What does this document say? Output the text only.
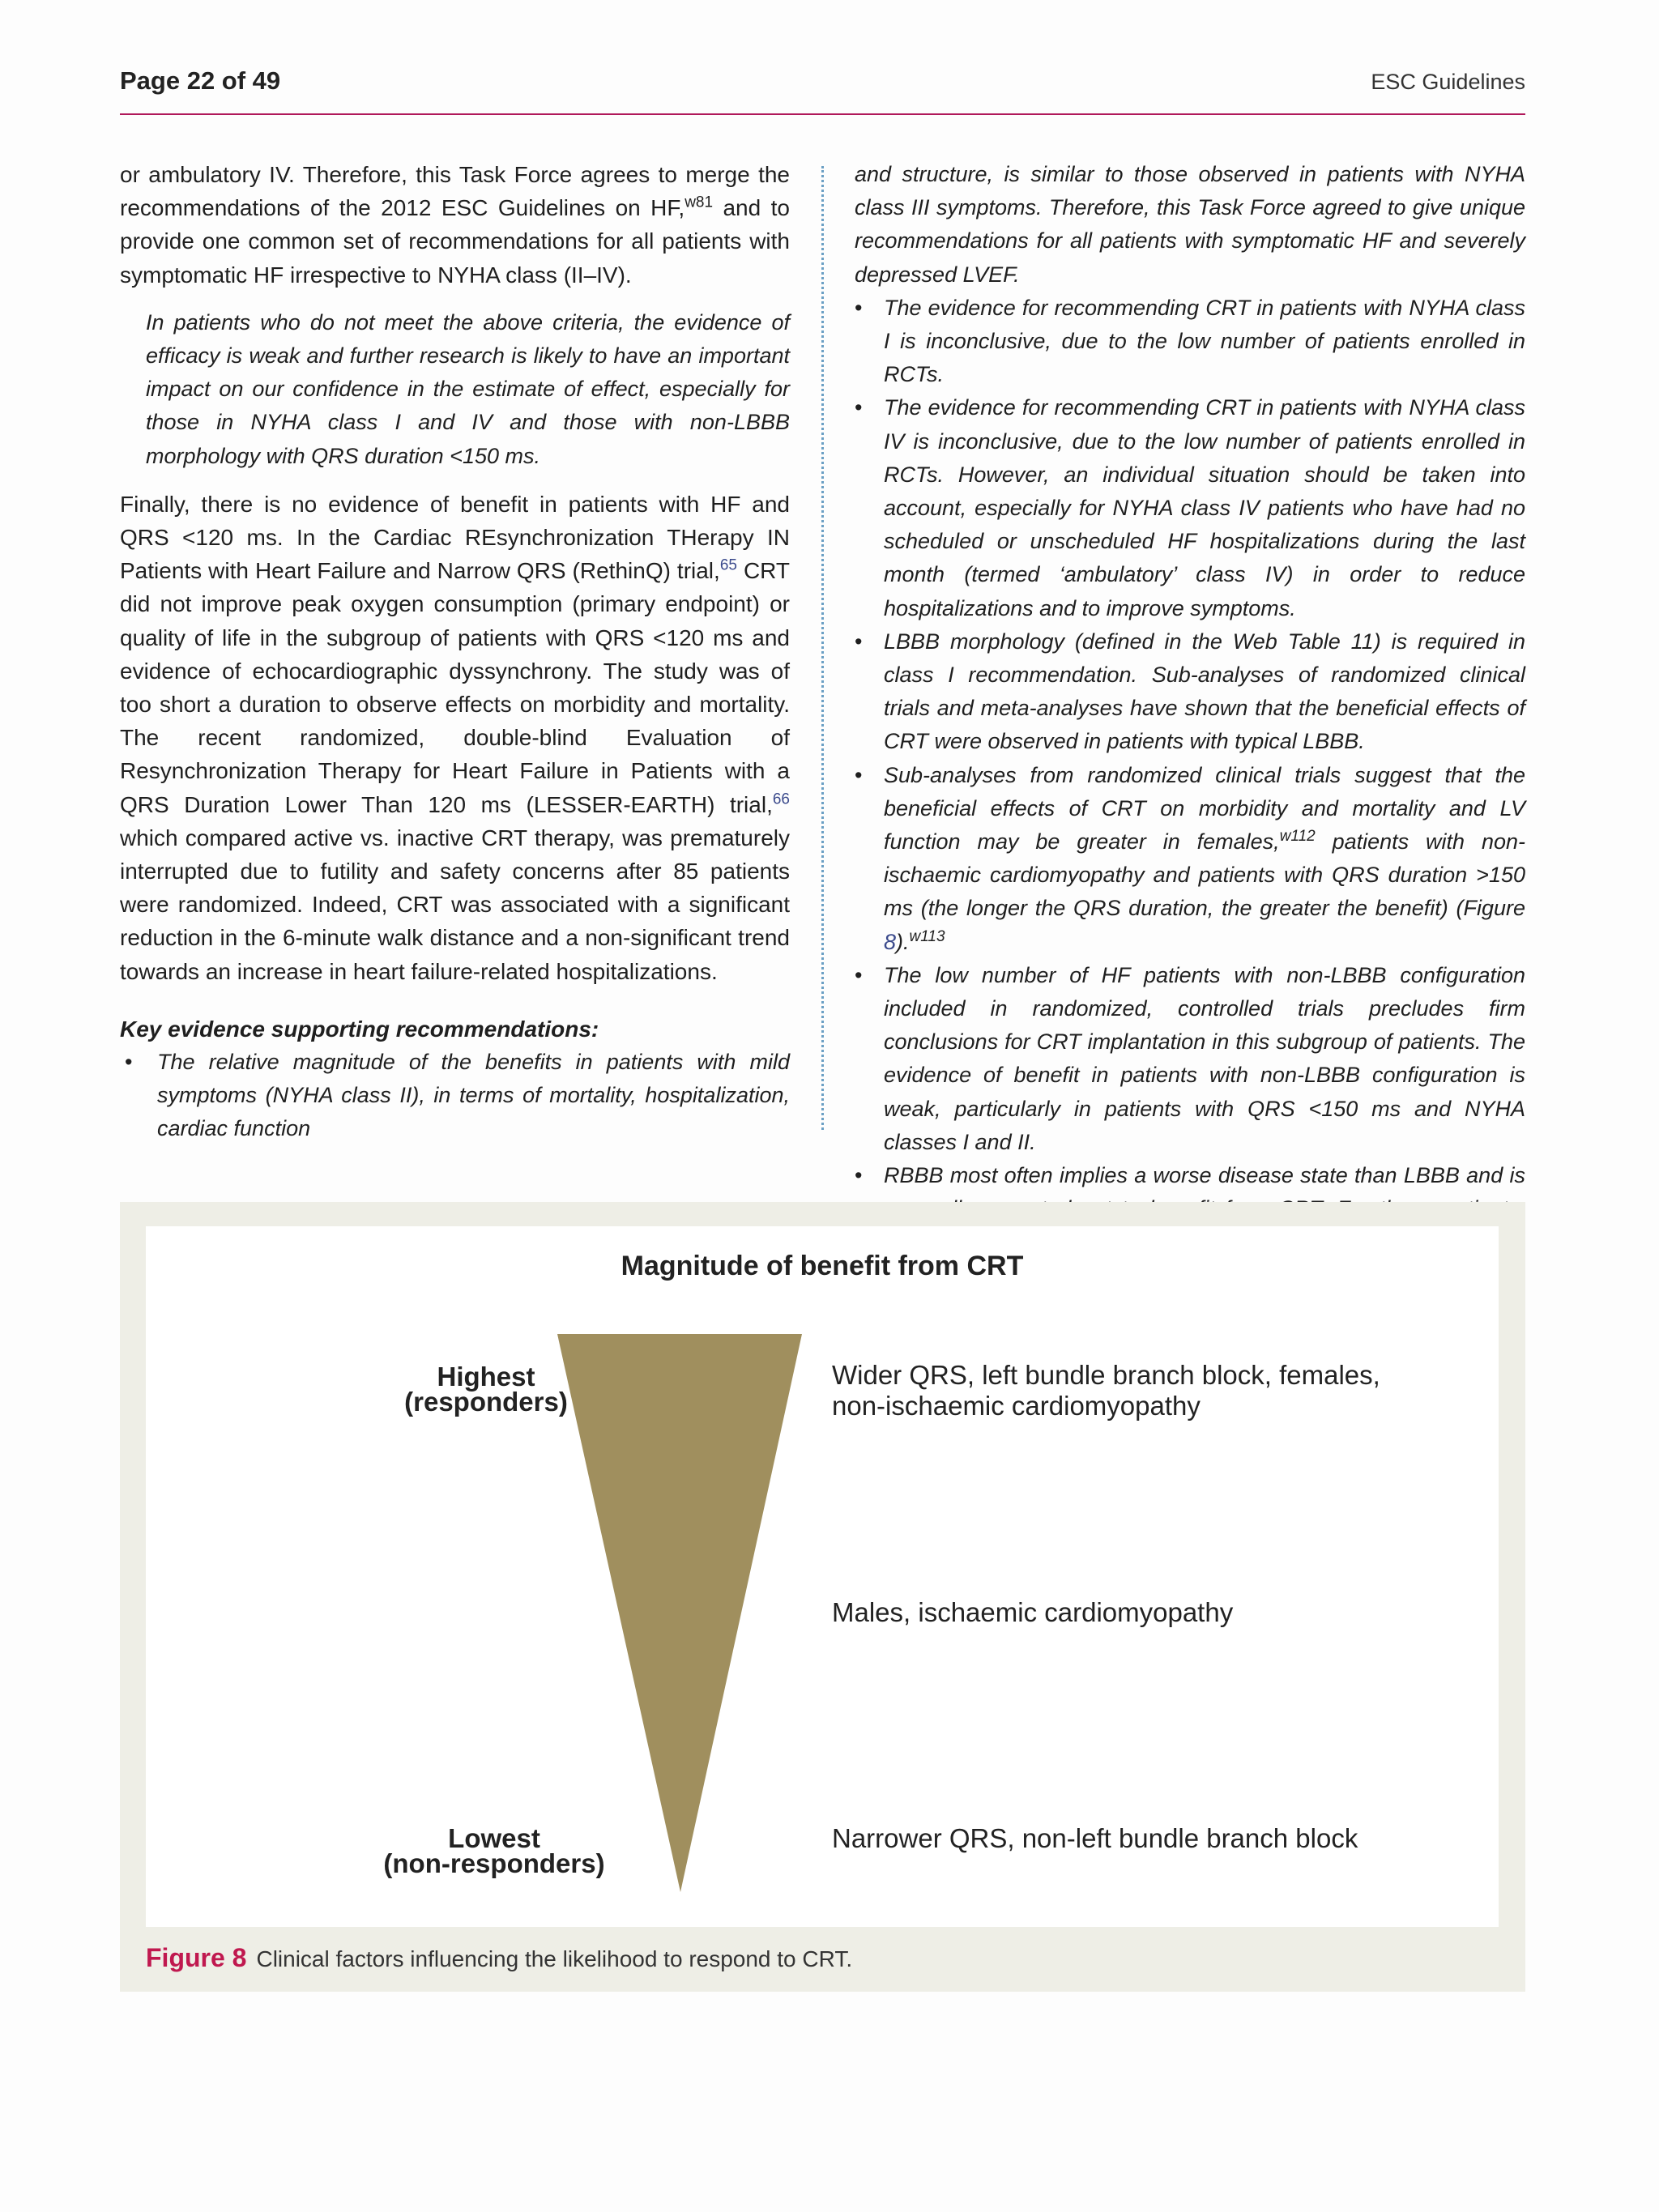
Page 22 of 49	ESC Guidelines

or ambulatory IV. Therefore, this Task Force agrees to merge the recommendations of the 2012 ESC Guidelines on HF,$^{w81}$ and to provide one common set of recommendations for all patients with symptomatic HF irrespective to NYHA class (II–IV).

In patients who do not meet the above criteria, the evidence of efficacy is weak and further research is likely to have an important impact on our confidence in the estimate of effect, especially for those in NYHA class I and IV and those with non-LBBB morphology with QRS duration <150 ms.

Finally, there is no evidence of benefit in patients with HF and QRS <120 ms. In the Cardiac REsynchronization THerapy IN Patients with Heart Failure and Narrow QRS (RethinQ) trial,$^{65}$ CRT did not improve peak oxygen consumption (primary endpoint) or quality of life in the subgroup of patients with QRS <120 ms and evidence of echocardiographic dyssynchrony. The study was of too short a duration to observe effects on morbidity and mortality. The recent randomized, double-blind Evaluation of Resynchronization Therapy for Heart Failure in Patients with a QRS Duration Lower Than 120 ms (LESSER-EARTH) trial,$^{66}$ which compared active vs. inactive CRT therapy, was prematurely interrupted due to futility and safety concerns after 85 patients were randomized. Indeed, CRT was associated with a significant reduction in the 6-minute walk distance and a non-significant trend towards an increase in heart failure-related hospitalizations.

Key evidence supporting recommendations:

• The relative magnitude of the benefits in patients with mild symptoms (NYHA class II), in terms of mortality, hospitalization, cardiac function

and structure, is similar to those observed in patients with NYHA class III symptoms. Therefore, this Task Force agreed to give unique recommendations for all patients with symptomatic HF and severely depressed LVEF.

• The evidence for recommending CRT in patients with NYHA class I is inconclusive, due to the low number of patients enrolled in RCTs.
• The evidence for recommending CRT in patients with NYHA class IV is inconclusive, due to the low number of patients enrolled in RCTs. However, an individual situation should be taken into account, especially for NYHA class IV patients who have had no scheduled or unscheduled HF hospitalizations during the last month (termed ‘ambulatory’ class IV) in order to reduce hospitalizations and to improve symptoms.
• LBBB morphology (defined in the Web Table 11) is required in class I recommendation. Sub-analyses of randomized clinical trials and meta-analyses have shown that the beneficial effects of CRT were observed in patients with typical LBBB.
• Sub-analyses from randomized clinical trials suggest that the beneficial effects of CRT on morbidity and mortality and LV function may be greater in females,$^{w112}$ patients with non-ischaemic cardiomyopathy and patients with QRS duration >150 ms (the longer the QRS duration, the greater the benefit) (Figure 8).$^{w113}$
• The low number of HF patients with non-LBBB configuration included in randomized, controlled trials precludes firm conclusions for CRT implantation in this subgroup of patients. The evidence of benefit in patients with non-LBBB configuration is weak, particularly in patients with QRS <150 ms and NYHA classes I and II.
• RBBB most often implies a worse disease state than LBBB and is
Magnitude of benefit from CRT
Highest
(responders)
Lowest
(non-responders)
Wider QRS, left bundle branch block, females,
non-ischaemic cardiomyopathy
Males, ischaemic cardiomyopathy
Narrower QRS, non-left bundle branch block
Figure 8 Clinical factors influencing the likelihood to respond to CRT.
